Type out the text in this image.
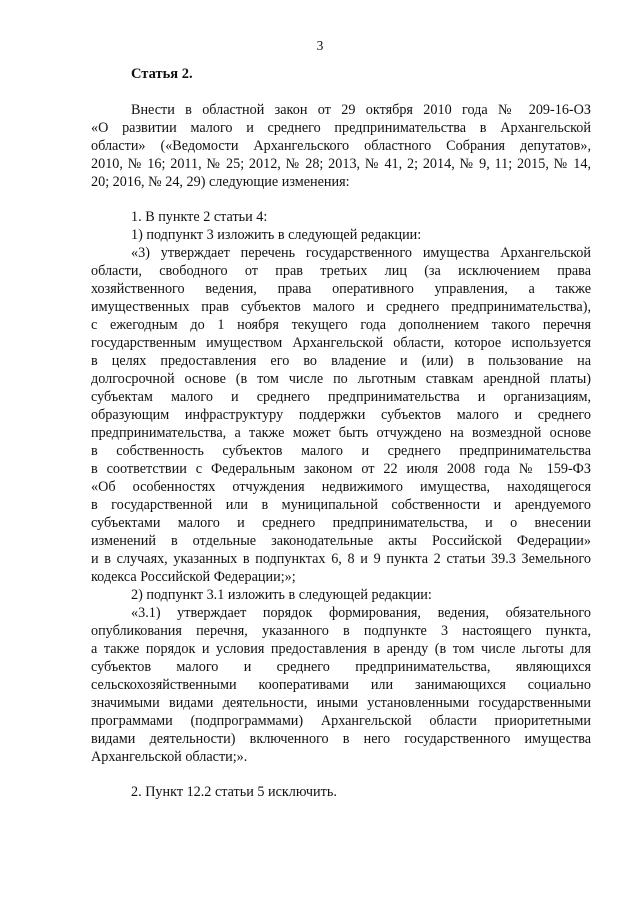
3
Статья 2.
Внести в областной закон от 29 октября 2010 года № 209-16-ОЗ
«О развитии малого и среднего предпринимательства в Архангельской
области» («Ведомости Архангельского областного Собрания депутатов»,
2010, № 16; 2011, № 25; 2012, № 28; 2013, № 41, 2; 2014, № 9, 11; 2015, № 14,
20; 2016, № 24, 29) следующие изменения:
1. В пункте 2 статьи 4:
1) подпункт 3 изложить в следующей редакции:
«3) утверждает перечень государственного имущества Архангельской
области, свободного от прав третьих лиц (за исключением права
хозяйственного ведения, права оперативного управления, а также
имущественных прав субъектов малого и среднего предпринимательства),
с ежегодным до 1 ноября текущего года дополнением такого перечня
государственным имуществом Архангельской области, которое используется
в целях предоставления его во владение и (или) в пользование на
долгосрочной основе (в том числе по льготным ставкам арендной платы)
субъектам малого и среднего предпринимательства и организациям,
образующим инфраструктуру поддержки субъектов малого и среднего
предпринимательства, а также может быть отчуждено на возмездной основе
в собственность субъектов малого и среднего предпринимательства
в соответствии с Федеральным законом от 22 июля 2008 года № 159-ФЗ
«Об особенностях отчуждения недвижимого имущества, находящегося
в государственной или в муниципальной собственности и арендуемого
субъектами малого и среднего предпринимательства, и о внесении
изменений в отдельные законодательные акты Российской Федерации»
и в случаях, указанных в подпунктах 6, 8 и 9 пункта 2 статьи 39.3 Земельного
кодекса Российской Федерации;»;
2) подпункт 3.1 изложить в следующей редакции:
«3.1) утверждает порядок формирования, ведения, обязательного
опубликования перечня, указанного в подпункте 3 настоящего пункта,
а также порядок и условия предоставления в аренду (в том числе льготы для
субъектов малого и среднего предпринимательства, являющихся
сельскохозяйственными кооперативами или занимающихся социально
значимыми видами деятельности, иными установленными государственными
программами (подпрограммами) Архангельской области приоритетными
видами деятельности) включенного в него государственного имущества
Архангельской области;».
2. Пункт 12.2 статьи 5 исключить.
